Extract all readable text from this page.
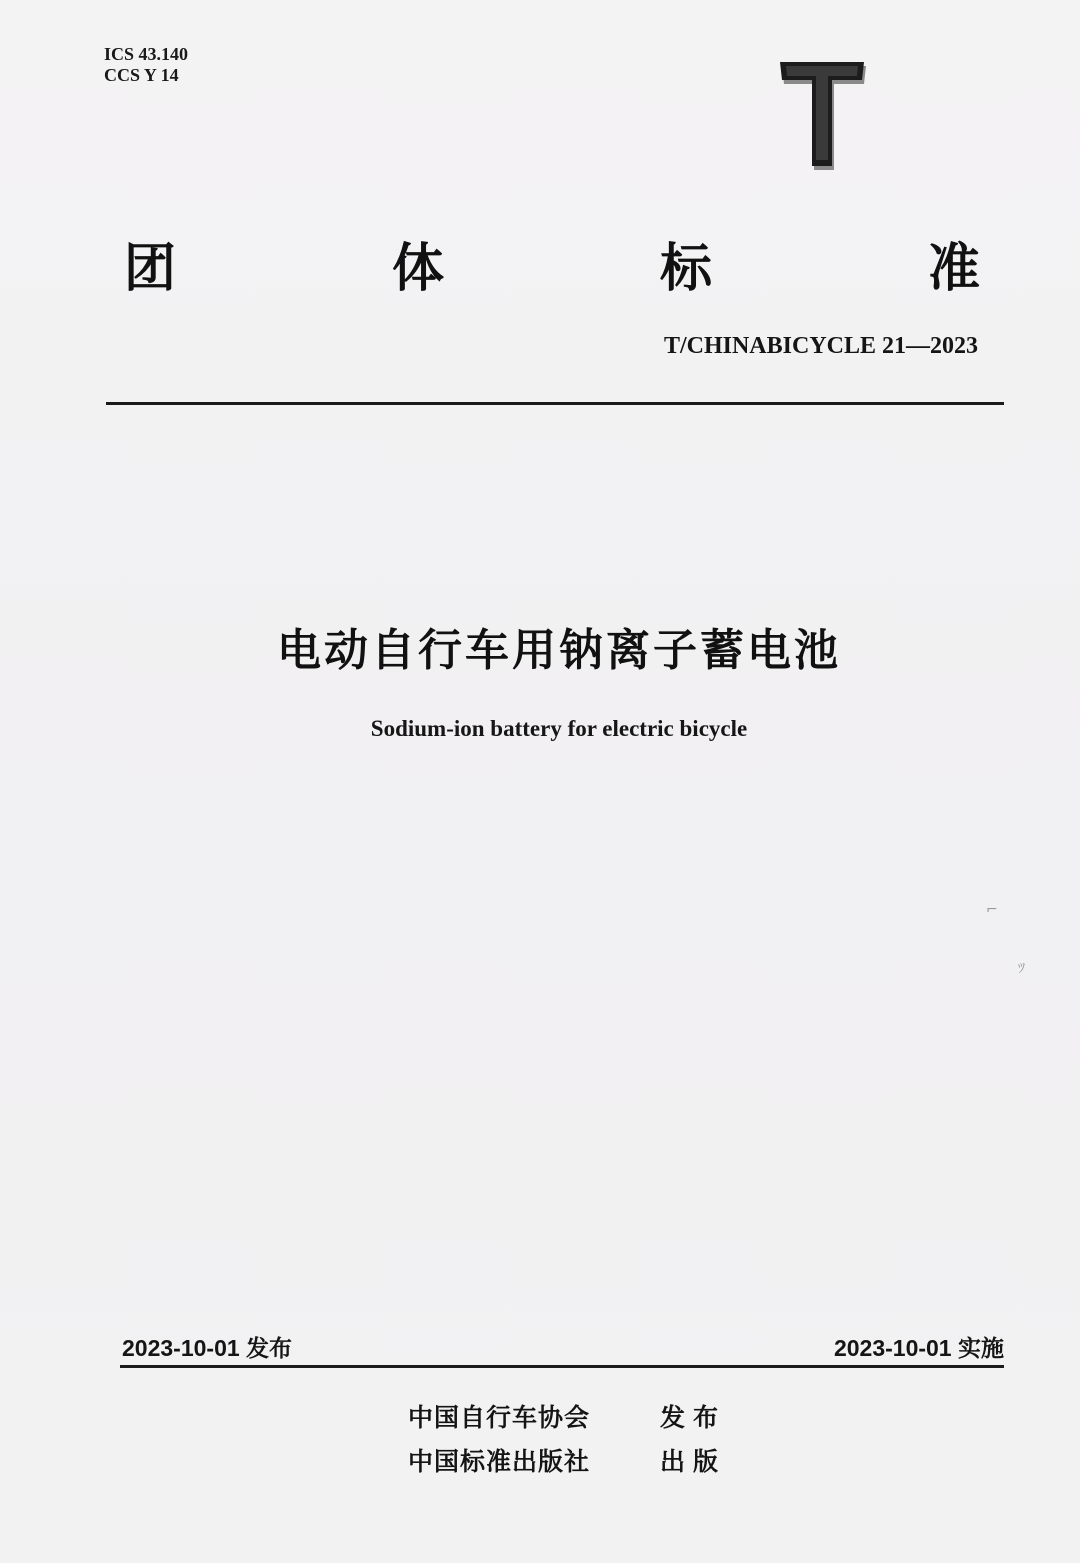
ICS 43.140
CCS Y 14
团	体	标	准
T/CHINABICYCLE 21—2023
电动自行车用钠离子蓄电池
Sodium-ion battery for electric bicycle
⌐
ﾂ
2023-10-01 发布	2023-10-01 实施
中国自行车协会	发布
中国标准出版社	出版
